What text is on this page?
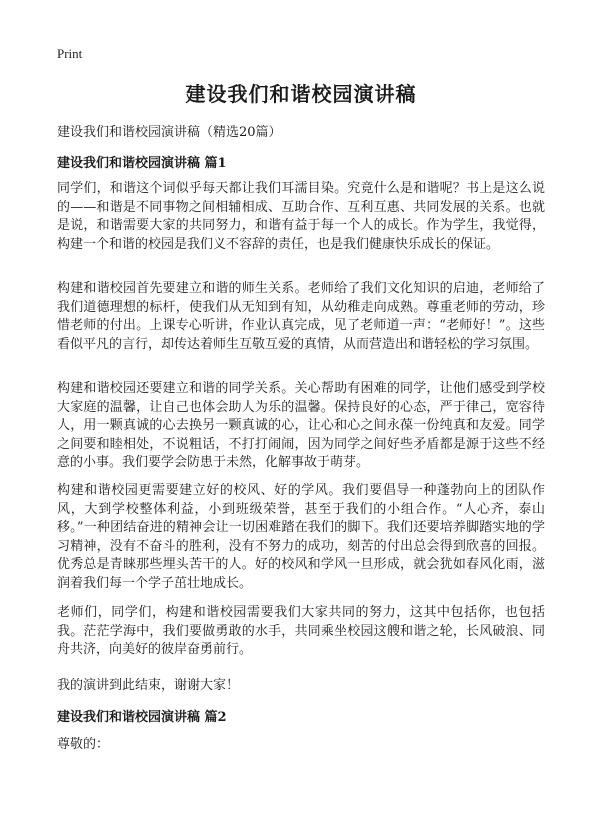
Print
建设我们和谐校园演讲稿

建设我们和谐校园演讲稿（精选20篇）

建设我们和谐校园演讲稿 篇1

同学们，和谐这个词似乎每天都让我们耳濡目染。究竟什么是和谐呢？书上是这么说的——和谐是不同事物之间相辅相成、互助合作、互利互惠、共同发展的关系。也就是说，和谐需要大家的共同努力，和谐有益于每一个人的成长。作为学生，我觉得，构建一个和谐的校园是我们义不容辞的责任，也是我们健康快乐成长的保证。

构建和谐校园首先要建立和谐的师生关系。老师给了我们文化知识的启迪，老师给了我们道德理想的标杆，使我们从无知到有知，从幼稚走向成熟。尊重老师的劳动，珍惜老师的付出。上课专心听讲，作业认真完成，见了老师道一声：“老师好！”。这些看似平凡的言行，却传达着师生互敬互爱的真情，从而营造出和谐轻松的学习氛围。

构建和谐校园还要建立和谐的同学关系。关心帮助有困难的同学，让他们感受到学校大家庭的温馨，让自己也体会助人为乐的温馨。保持良好的心态，严于律己，宽容待人，用一颗真诚的心去换另一颗真诚的心，让心和心之间永葆一份纯真和友爱。同学之间要和睦相处，不说粗话，不打打闹闹，因为同学之间好些矛盾都是源于这些不经意的小事。我们要学会防患于未然，化解事故于萌芽。

构建和谐校园更需要建立好的校风、好的学风。我们要倡导一种蓬勃向上的团队作风，大到学校整体利益，小到班级荣誉，甚至于我们的小组合作。“人心齐，泰山移。”一种团结奋进的精神会让一切困难踏在我们的脚下。我们还要培养脚踏实地的学习精神，没有不奋斗的胜利，没有不努力的成功，刻苦的付出总会得到欣喜的回报。优秀总是青睐那些埋头苦干的人。好的校风和学风一旦形成，就会犹如春风化雨，滋润着我们每一个学子茁壮地成长。

老师们，同学们，构建和谐校园需要我们大家共同的努力，这其中包括你，也包括我。茫茫学海中，我们要做勇敢的水手，共同乘坐校园这艘和谐之轮，长风破浪、同舟共济，向美好的彼岸奋勇前行。

我的演讲到此结束，谢谢大家！

建设我们和谐校园演讲稿 篇2

尊敬的：
